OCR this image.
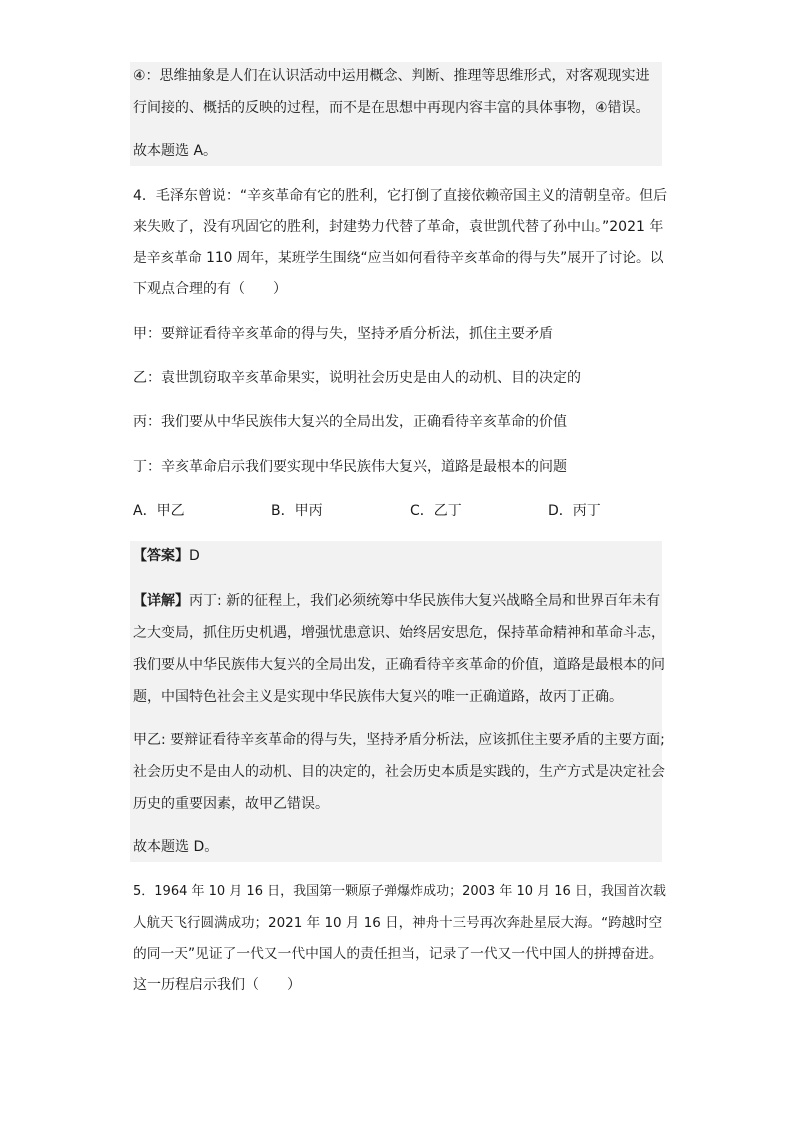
④：思维抽象是人们在认识活动中运用概念、判断、推理等思维形式，对客观现实进
行间接的、概括的反映的过程，而不是在思想中再现内容丰富的具体事物，④错误。
故本题选 A。
4．毛泽东曾说：“辛亥革命有它的胜利，它打倒了直接依赖帝国主义的清朝皇帝。但后
来失败了，没有巩固它的胜利，封建势力代替了革命，袁世凯代替了孙中山。”2021 年
是辛亥革命 110 周年，某班学生围绕“应当如何看待辛亥革命的得与失”展开了讨论。以
下观点合理的有（　　）
甲：要辩证看待辛亥革命的得与失，坚持矛盾分析法，抓住主要矛盾
乙：袁世凯窃取辛亥革命果实，说明社会历史是由人的动机、目的决定的
丙：我们要从中华民族伟大复兴的全局出发，正确看待辛亥革命的价值
丁：辛亥革命启示我们要实现中华民族伟大复兴，道路是最根本的问题
A．甲乙	B．甲丙	C．乙丁	D．丙丁
【答案】D
【详解】丙丁: 新的征程上，我们必须统筹中华民族伟大复兴战略全局和世界百年未有
之大变局，抓住历史机遇，增强忧患意识、始终居安思危，保持革命精神和革命斗志，
我们要从中华民族伟大复兴的全局出发，正确看待辛亥革命的价值，道路是最根本的问
题，中国特色社会主义是实现中华民族伟大复兴的唯一正确道路，故丙丁正确。
甲乙: 要辩证看待辛亥革命的得与失，坚持矛盾分析法，应该抓住主要矛盾的主要方面;
社会历史不是由人的动机、目的决定的，社会历史本质是实践的，生产方式是决定社会
历史的重要因素，故甲乙错误。
故本题选 D。
5．1964 年 10 月 16 日，我国第一颗原子弹爆炸成功；2003 年 10 月 16 日，我国首次载
人航天飞行圆满成功；2021 年 10 月 16 日，神舟十三号再次奔赴星辰大海。“跨越时空
的同一天”见证了一代又一代中国人的责任担当，记录了一代又一代中国人的拼搏奋进。
这一历程启示我们（　　）
